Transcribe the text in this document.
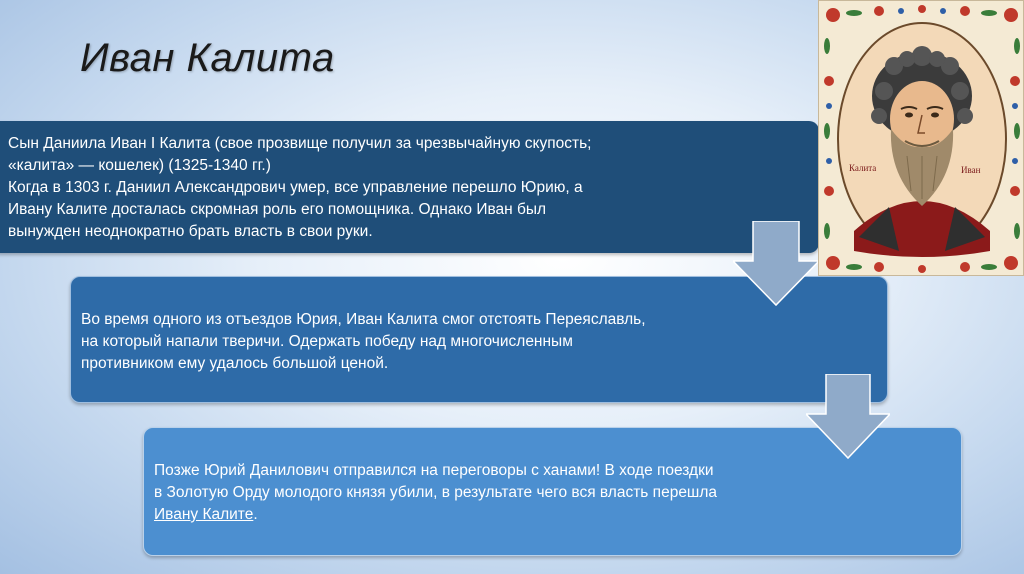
Иван Калита

Сын Даниила Иван I Калита (свое прозвище получил за чрезвычайную скупость;

«калита» — кошелек) (1325-1340 гг.)

Когда в 1303 г. Даниил Александрович умер, все управление перешло Юрию, а

Ивану Калите досталась скромная роль его помощника. Однако Иван был

вынужден неоднократно брать власть в свои руки.

Во время одного из отъездов Юрия, Иван Калита смог отстоять Переяславль,

на который напали тверичи. Одержать победу над многочисленным

противником ему удалось большой ценой.

Позже Юрий Данилович отправился на переговоры с ханами! В ходе поездки

в Золотую Орду молодого князя убили, в результате чего вся власть перешла

Ивану Калите.

Калита	Иван
